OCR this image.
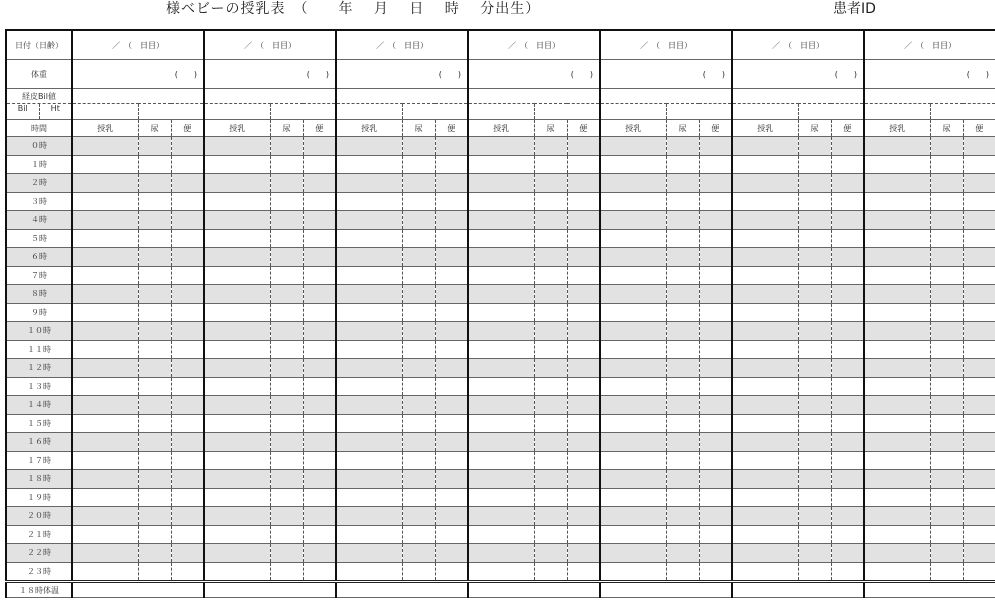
様ベビーの授乳表　（　　年　 月　 日　 時　 分出生）	患者ID
日付（日齢）	／　（　日目）			／　（　日目）			／　（　日目）			／　（　日目）			／　（　日目）			／　（　日目）			／　（　日目）		
体重	(　　)			(　　)			(　　)			(　　)			(　　)			(　　)			(　　)		

経皮Bil値																					

Bil Ht																					

時間	授乳	尿	便	授乳	尿	便	授乳	尿	便	授乳	尿	便	授乳	尿	便	授乳	尿	便	授乳	尿	便
０時																					
１時																					
２時																					
３時																					
４時																					
５時																					
６時																					
７時																					
８時																					
９時																					
１０時																					
１１時																					
１２時																					
１３時																					
１４時																					
１５時																					
１６時																					
１７時																					
１８時																					
１９時																					
２０時																					
２１時																					
２２時																					
２３時																					
１８時体温																					
